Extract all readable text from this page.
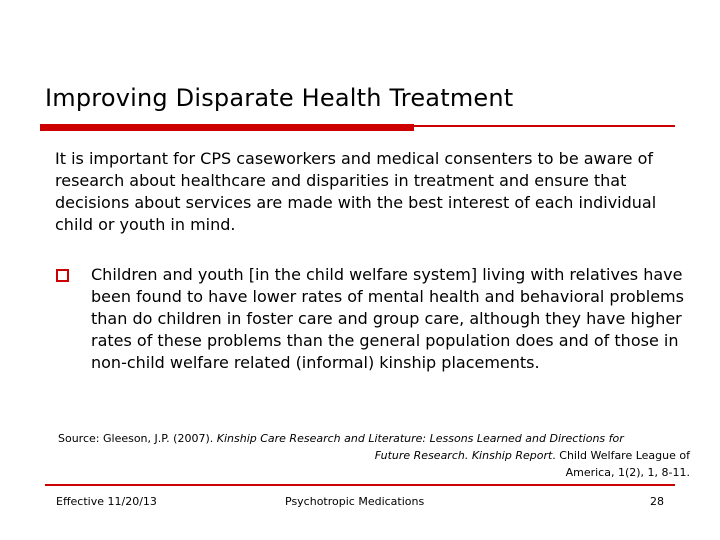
Improving Disparate Health Treatment
It is important for CPS caseworkers and medical consenters to be aware of research about healthcare and disparities in treatment and ensure that decisions about services are made with the best interest of each individual child or youth in mind.
Children and youth [in the child welfare system] living with relatives have been found to have lower rates of mental health and behavioral problems than do children in foster care and group care, although they have higher rates of these problems than the general population does and of those in non-child welfare related (informal) kinship placements.
Source: Gleeson, J.P. (2007). Kinship Care Research and Literature: Lessons Learned and Directions for
Future Research. Kinship Report. Child Welfare League of
America, 1(2), 1, 8-11.
Effective 11/20/13	Psychotropic Medications	28
